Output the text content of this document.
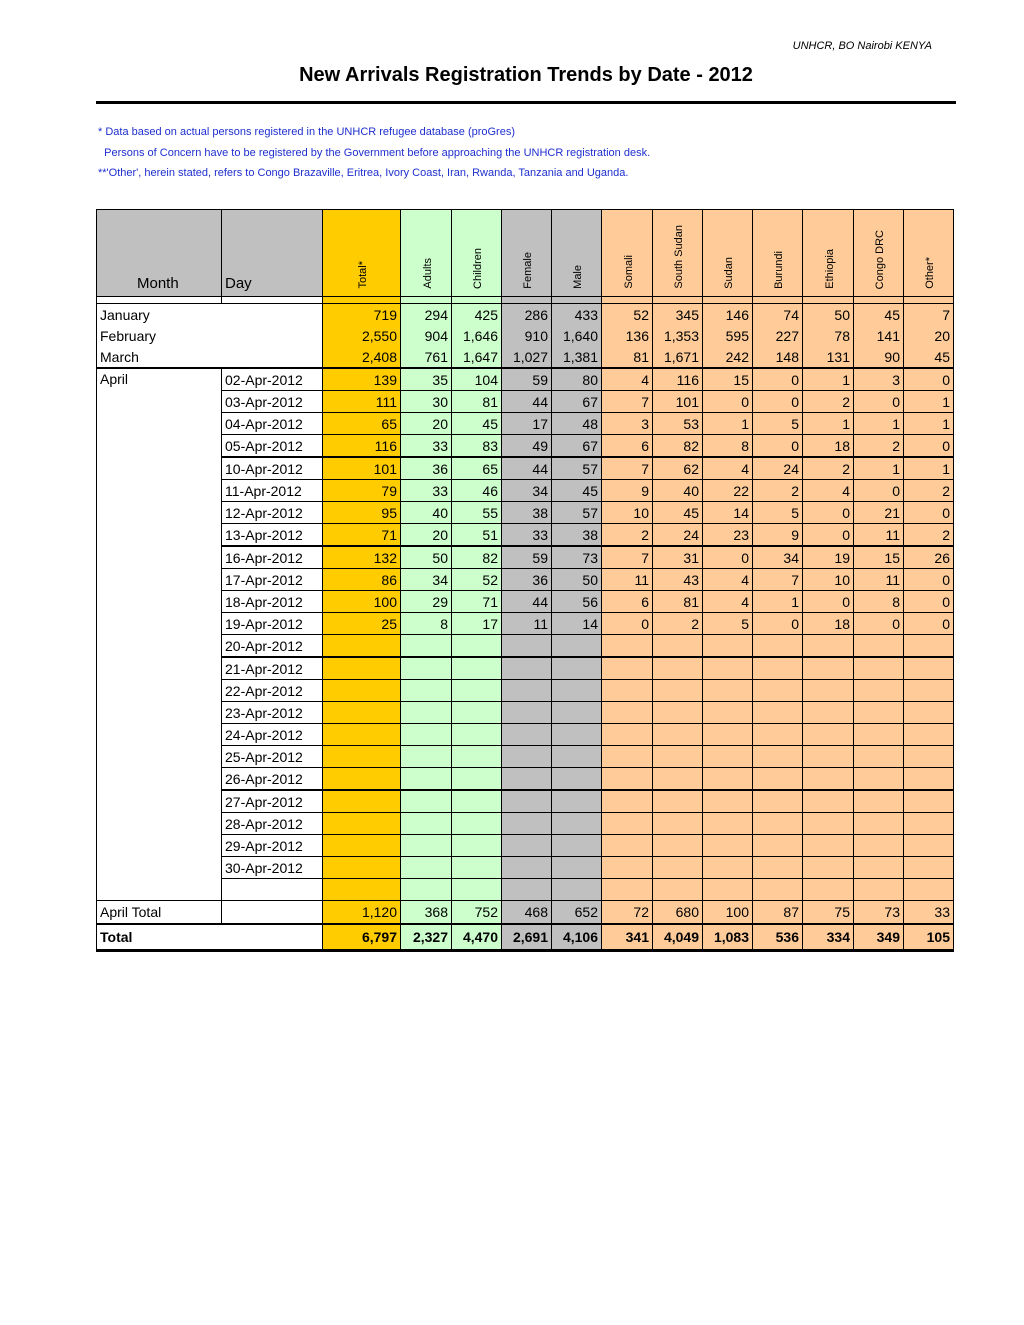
UNHCR, BO Nairobi KENYA
New Arrivals Registration Trends by Date - 2012
* Data based on actual persons registered in the UNHCR refugee database (proGres)
Persons of Concern have to be registered by the Government before approaching the UNHCR registration desk.
**'Other', herein stated, refers to Congo Brazaville, Eritrea, Ivory Coast, Iran, Rwanda, Tanzania and Uganda.
Month	Day	Total*	Adults	Children	Female	Male	Somali	South Sudan	Sudan	Burundi	Ethiopia	Congo DRC	Other*

January		719	294	425	286	433	52	345	146	74	50	45	7
February		2,550	904	1,646	910	1,640	136	1,353	595	227	78	141	20
March		2,408	761	1,647	1,027	1,381	81	1,671	242	148	131	90	45
April	02-Apr-2012	139	35	104	59	80	4	116	15	0	1	3	0
	03-Apr-2012	111	30	81	44	67	7	101	0	0	2	0	1
	04-Apr-2012	65	20	45	17	48	3	53	1	5	1	1	1
	05-Apr-2012	116	33	83	49	67	6	82	8	0	18	2	0
	10-Apr-2012	101	36	65	44	57	7	62	4	24	2	1	1
	11-Apr-2012	79	33	46	34	45	9	40	22	2	4	0	2
	12-Apr-2012	95	40	55	38	57	10	45	14	5	0	21	0
	13-Apr-2012	71	20	51	33	38	2	24	23	9	0	11	2
	16-Apr-2012	132	50	82	59	73	7	31	0	34	19	15	26
	17-Apr-2012	86	34	52	36	50	11	43	4	7	10	11	0
	18-Apr-2012	100	29	71	44	56	6	81	4	1	0	8	0
	19-Apr-2012	25	8	17	11	14	0	2	5	0	18	0	0
	20-Apr-2012												
	21-Apr-2012												
	22-Apr-2012												
	23-Apr-2012												
	24-Apr-2012												
	25-Apr-2012												
	26-Apr-2012												
	27-Apr-2012												
	28-Apr-2012												
	29-Apr-2012												
	30-Apr-2012												

April Total		1,120	368	752	468	652	72	680	100	87	75	73	33
Total		6,797	2,327	4,470	2,691	4,106	341	4,049	1,083	536	334	349	105
